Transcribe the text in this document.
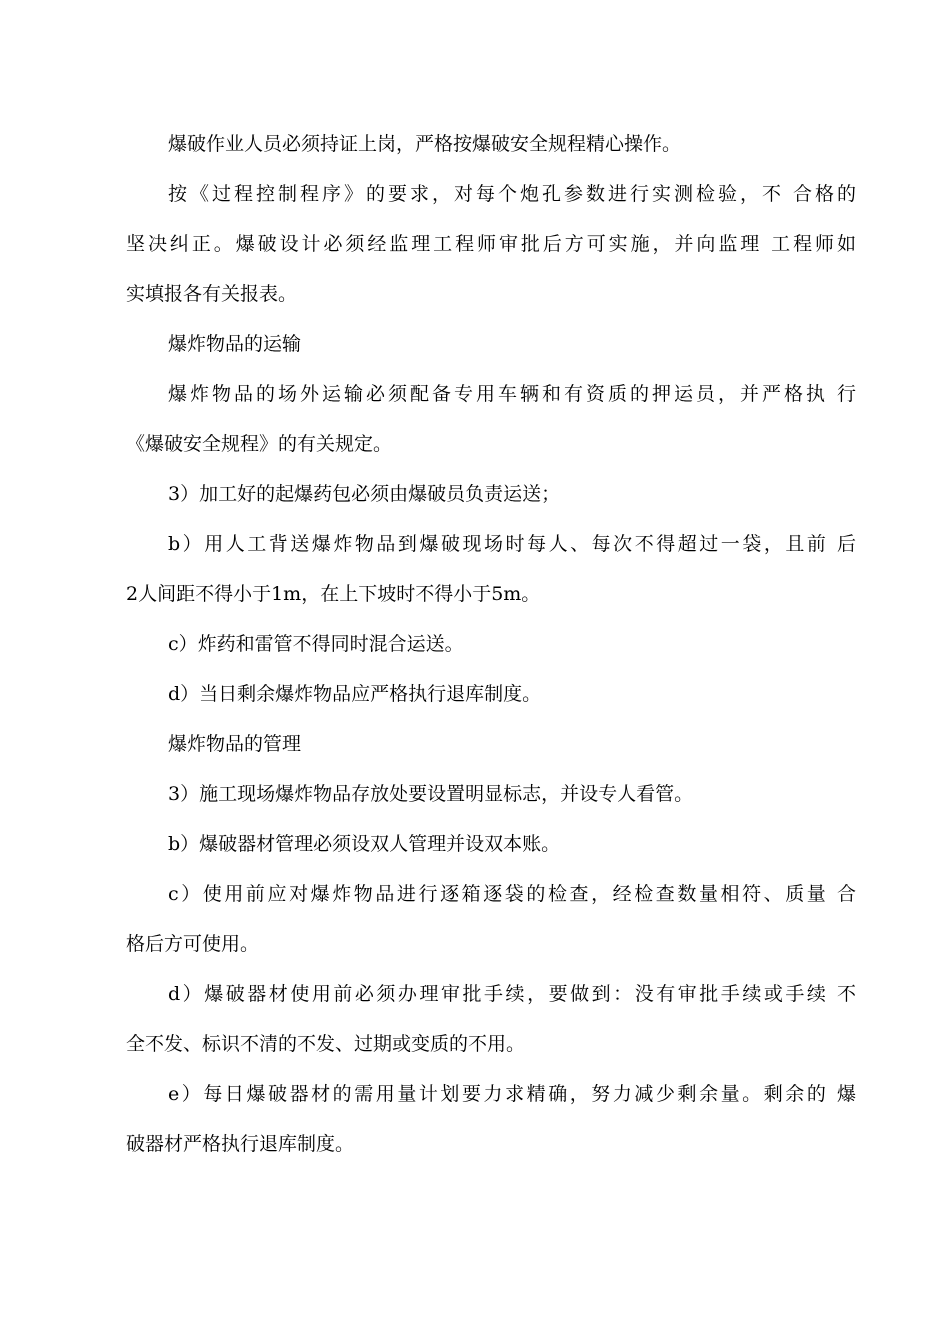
爆破作业人员必须持证上岗，严格按爆破安全规程精心操作。
按《过程控制程序》的要求，对每个炮孔参数进行实测检验，不 合格的
坚决纠正。爆破设计必须经监理工程师审批后方可实施，并向监理 工程师如
实填报各有关报表。
爆炸物品的运输
爆炸物品的场外运输必须配备专用车辆和有资质的押运员，并严格执 行
《爆破安全规程》的有关规定。
3）加工好的起爆药包必须由爆破员负责运送；
b）用人工背送爆炸物品到爆破现场时每人、每次不得超过一袋，且前 后
2人间距不得小于1m，在上下坡时不得小于5m。
c）炸药和雷管不得同时混合运送。
d）当日剩余爆炸物品应严格执行退库制度。
爆炸物品的管理
3）施工现场爆炸物品存放处要设置明显标志，并设专人看管。
b）爆破器材管理必须设双人管理并设双本账。
c）使用前应对爆炸物品进行逐箱逐袋的检查，经检查数量相符、质量 合
格后方可使用。
d）爆破器材使用前必须办理审批手续，要做到：没有审批手续或手续 不
全不发、标识不清的不发、过期或变质的不用。
e）每日爆破器材的需用量计划要力求精确，努力减少剩余量。剩余的 爆
破器材严格执行退库制度。
